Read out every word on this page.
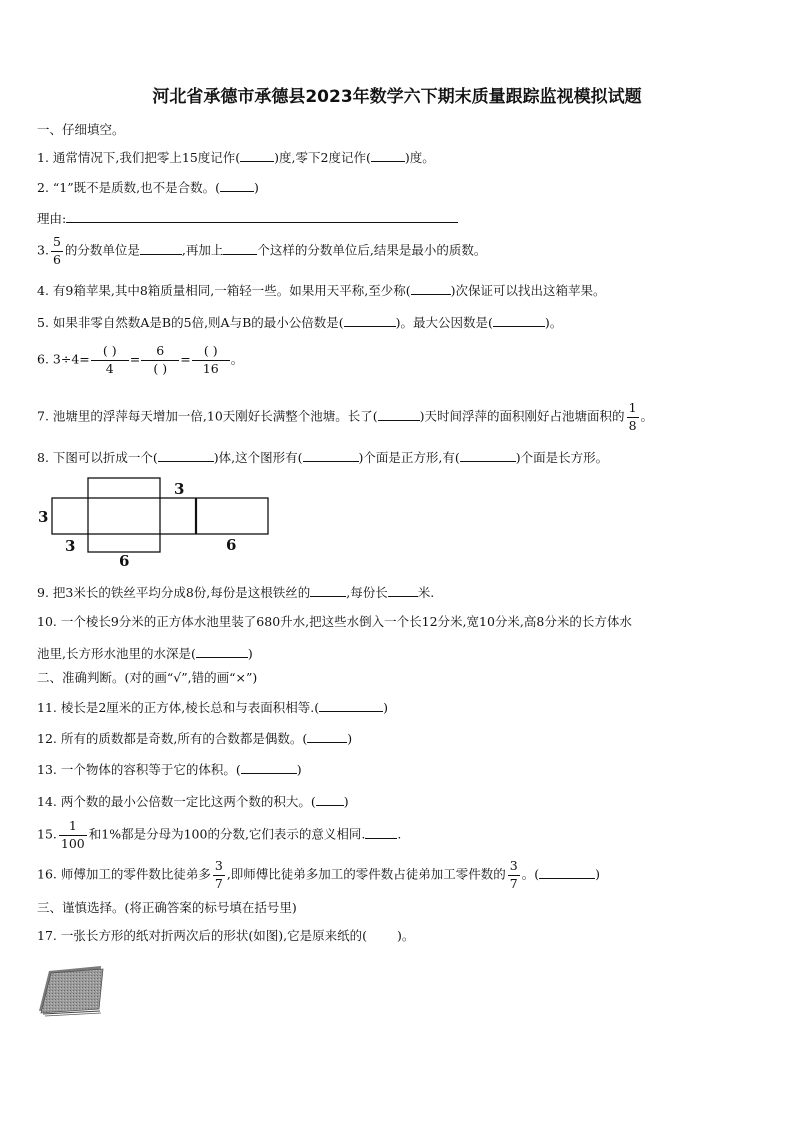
河北省承德市承德县2023年数学六下期末质量跟踪监视模拟试题
一、仔细填空。
1. 通常情况下,我们把零上15度记作(	)度,零下2度记作(	)度。
2. “1”既不是质数,也不是合数。(	)
理由:
3. $\frac{5}{6}$ 的分数单位是	,再加上	个这样的分数单位后,结果是最小的质数。
4. 有9箱苹果,其中8箱质量相同,一箱轻一些。如果用天平称,至少称(	)次保证可以找出这箱苹果。
5. 如果非零自然数A是B的5倍,则A与B的最小公倍数是(	)。最大公因数是(	)。
6. $3\div 4= \frac{( )}{4} = \frac{6}{( )} = \frac{( )}{16}$ 。
7. 池塘里的浮萍每天增加一倍,10天刚好长满整个池塘。长了(	)天时间浮萍的面积刚好占池塘面积的 $\frac{1}{8}$ 。
8. 下图可以折成一个(	)体,这个图形有(	)个面是正方形,有(	)个面是长方形。
3
3
3
6
6
9. 把3米长的铁丝平均分成8份,每份是这根铁丝的	,每份长 米.
10. 一个棱长9分米的正方体水池里装了680升水,把这些水倒入一个长12分米,宽10分米,高8分米的长方体水
池里,长方形水池里的水深是(	)
二、准确判断。(对的画“√”,错的画“×”)
11. 棱长是2厘米的正方体,棱长总和与表面积相等.(	)
12. 所有的质数都是奇数,所有的合数都是偶数。(	)
13. 一个物体的容积等于它的体积。(	)
14. 两个数的最小公倍数一定比这两个数的积大。( )
15. $\frac{1}{100}$ 和1%都是分母为100的分数,它们表示的意义相同.	.
16. 师傅加工的零件数比徒弟多 $\frac{3}{7}$ ,即师傅比徒弟多加工的零件数占徒弟加工零件数的 $\frac{3}{7}$ 。(	)
三、谨慎选择。(将正确答案的标号填在括号里)
17. 一张长方形的纸对折两次后的形状(如图),它是原来纸的( )。
